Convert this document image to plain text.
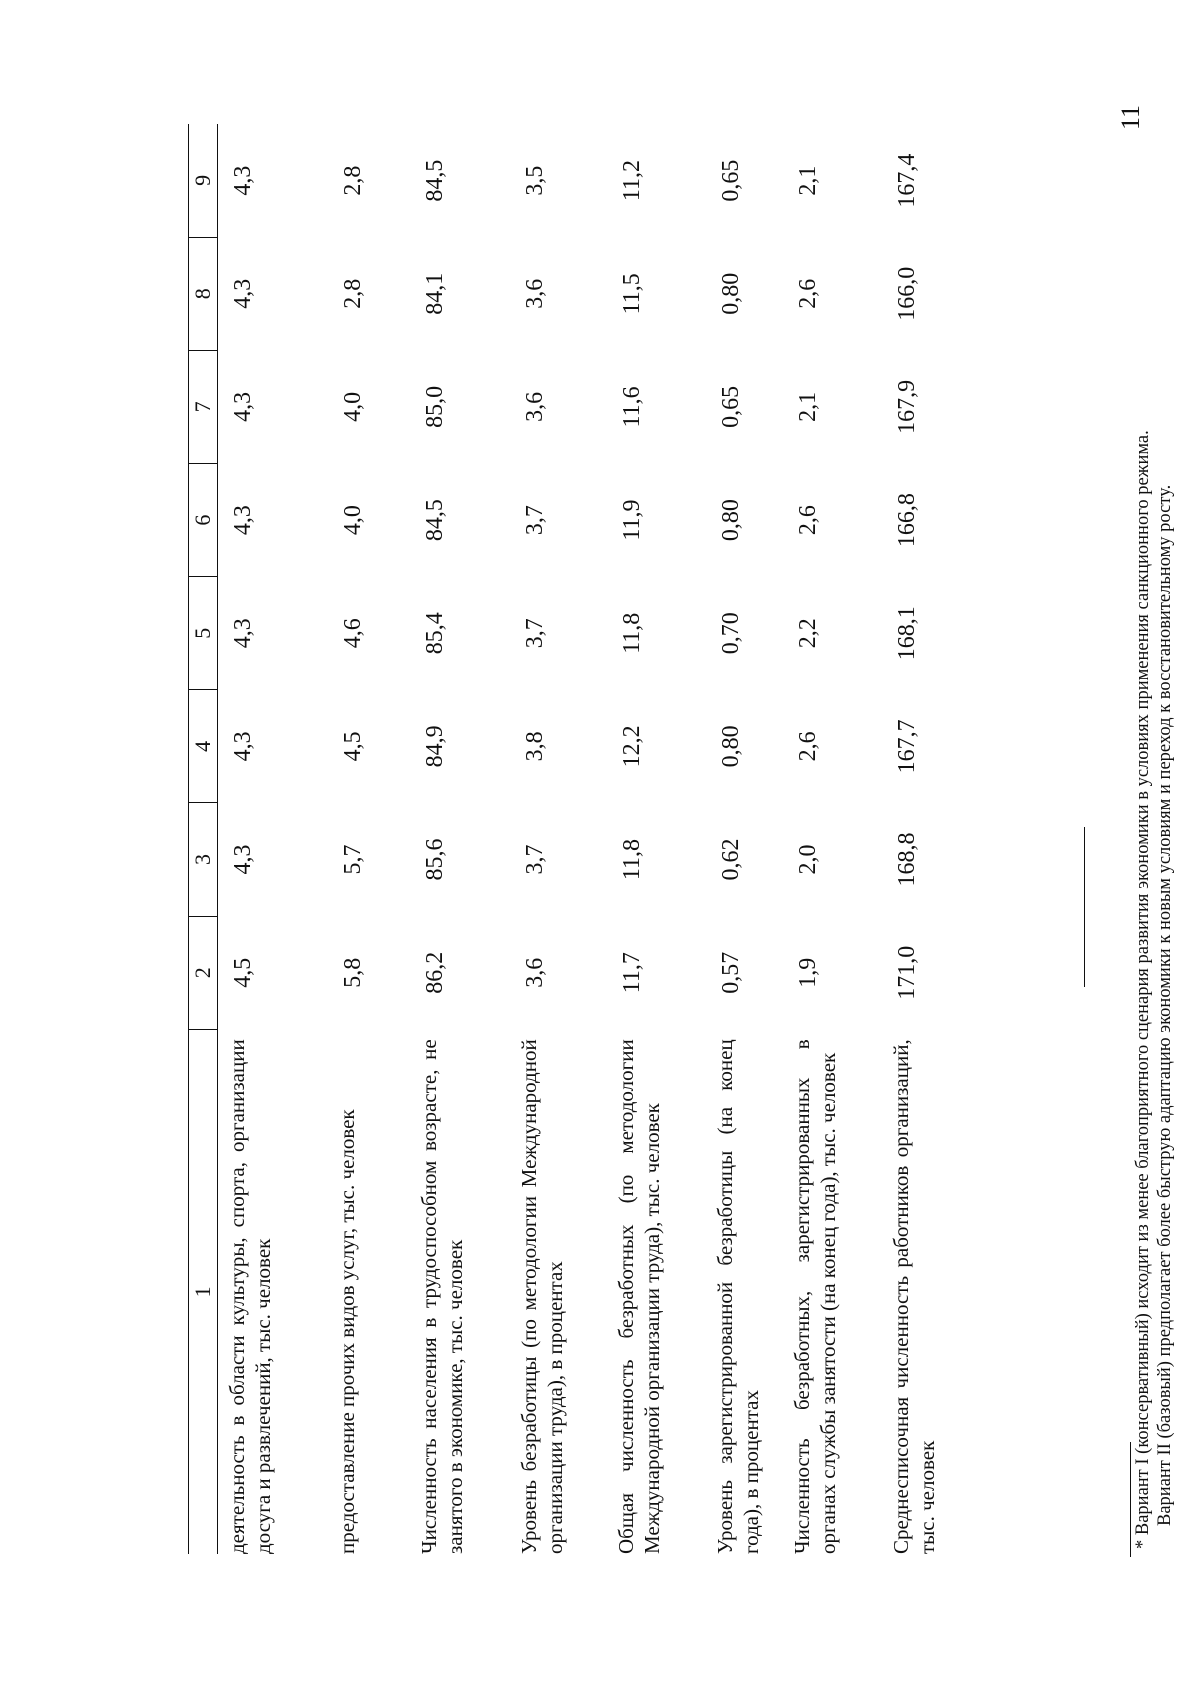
11
1	2	3	4	5	6	7	8	9
деятельность в области культуры, спорта, организации досуга и развлечений, тыс. человек	4,5	4,3	4,3	4,3	4,3	4,3	4,3	4,3
предоставление прочих видов услуг, тыс. человек	5,8	5,7	4,5	4,6	4,0	4,0	2,8	2,8
Численность населения в трудоспособном возрасте, не занятого в экономике, тыс. человек	86,2	85,6	84,9	85,4	84,5	85,0	84,1	84,5
Уровень безработицы (по методологии Международной организации труда), в процентах	3,6	3,7	3,8	3,7	3,7	3,6	3,6	3,5
Общая численность безработных (по методологии Международной организации труда), тыс. человек	11,7	11,8	12,2	11,8	11,9	11,6	11,5	11,2
Уровень зарегистрированной безработицы (на конец года), в процентах	0,57	0,62	0,80	0,70	0,80	0,65	0,80	0,65
Численность безработных, зарегистрированных в органах службы занятости (на конец года), тыс. человек	1,9	2,0	2,6	2,2	2,6	2,1	2,6	2,1
Среднесписочная численность работников организаций, тыс. человек	171,0	168,8	167,7	168,1	166,8	167,9	166,0	167,4
* Вариант I (консервативный) исходит из менее благоприятного сценария развития экономики в условиях применения санкционного режима. Вариант II (базовый) предполагает более быструю адаптацию экономики к новым условиям и переход к восстановительному росту.
